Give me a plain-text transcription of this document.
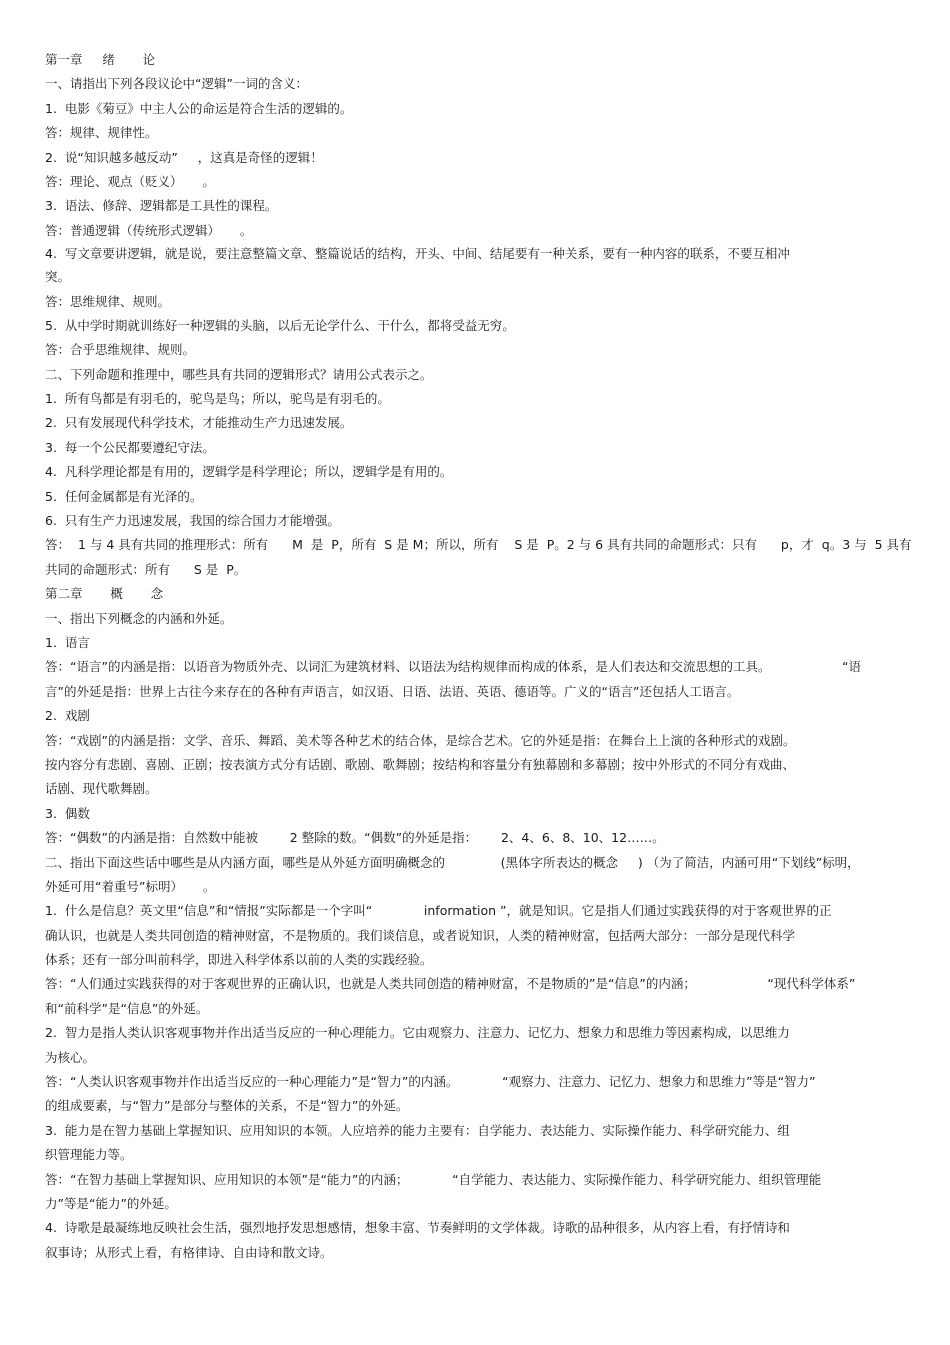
第一章     绪       论
一、请指出下列各段议论中“逻辑”一词的含义：
1.  电影《菊豆》中主人公的命运是符合生活的逻辑的。
答：规律、规律性。
2.  说“知识越多越反动”     ，这真是奇怪的逻辑！
答：理论、观点（贬义）     。
3.  语法、修辞、逻辑都是工具性的课程。
答：普通逻辑（传统形式逻辑）     。
4.  写文章要讲逻辑，就是说，要注意整篇文章、整篇说话的结构，开头、中间、结尾要有一种关系，要有一种内容的联系，不要互相冲
突。
答：思维规律、规则。
5.  从中学时期就训练好一种逻辑的头脑，以后无论学什么、干什么，都将受益无穷。
答：合乎思维规律、规则。
二、下列命题和推理中，哪些具有共同的逻辑形式？请用公式表示之。
1.  所有鸟都是有羽毛的，驼鸟是鸟；所以，驼鸟是有羽毛的。
2.  只有发展现代科学技术，才能推动生产力迅速发展。
3.  每一个公民都要遵纪守法。
4.  凡科学理论都是有用的，逻辑学是科学理论；所以，逻辑学是有用的。
5.  任何金属都是有光泽的。
6.  只有生产力迅速发展，我国的综合国力才能增强。
答：  1 与 4 具有共同的推理形式：所有      M  是  P，所有  S 是 M；所以，所有    S 是  P。2 与 6 具有共同的命题形式：只有      p，才  q。3 与  5 具有
共同的命题形式：所有      S 是  P。
第二章       概       念
一、指出下列概念的内涵和外延。
1.  语言
答：“语言”的内涵是指：以语音为物质外壳、以词汇为建筑材料、以语法为结构规律而构成的体系，是人们表达和交流思想的工具。                  “语
言”的外延是指：世界上古往今来存在的各种有声语言，如汉语、日语、法语、英语、德语等。广义的“语言”还包括人工语言。
2.  戏剧
答：“戏剧”的内涵是指：文学、音乐、舞蹈、美术等各种艺术的结合体，是综合艺术。它的外延是指：在舞台上上演的各种形式的戏剧。
按内容分有悲剧、喜剧、正剧；按表演方式分有话剧、歌剧、歌舞剧；按结构和容量分有独幕剧和多幕剧；按中外形式的不同分有戏曲、
话剧、现代歌舞剧。
3.  偶数
答：“偶数”的内涵是指：自然数中能被        2 整除的数。“偶数”的外延是指：      2、4、6、8、10、12……。
二、指出下面这些话中哪些是从内涵方面，哪些是从外延方面明确概念的              (黑体字所表达的概念     ) （为了简洁，内涵可用“下划线”标明，
外延可用“着重号”标明）     。
1.  什么是信息？英文里“信息”和“情报”实际都是一个字叫“             information ”，就是知识。它是指人们通过实践获得的对于客观世界的正
确认识，也就是人类共同创造的精神财富，不是物质的。我们谈信息，或者说知识，人类的精神财富，包括两大部分：一部分是现代科学
体系；还有一部分叫前科学，即进入科学体系以前的人类的实践经验。
答：“人们通过实践获得的对于客观世界的正确认识，也就是人类共同创造的精神财富，不是物质的”是“信息”的内涵；                  “现代科学体系”
和“前科学”是“信息”的外延。
2.  智力是指人类认识客观事物并作出适当反应的一种心理能力。它由观察力、注意力、记忆力、想象力和思维力等因素构成，以思维力
为核心。
答：“人类认识客观事物并作出适当反应的一种心理能力”是“智力”的内涵。           “观察力、注意力、记忆力、想象力和思维力”等是“智力”
的组成要素，与“智力”是部分与整体的关系，不是“智力”的外延。
3.  能力是在智力基础上掌握知识、应用知识的本领。人应培养的能力主要有：自学能力、表达能力、实际操作能力、科学研究能力、组
织管理能力等。
答：“在智力基础上掌握知识、应用知识的本领”是“能力”的内涵；           “自学能力、表达能力、实际操作能力、科学研究能力、组织管理能
力”等是“能力”的外延。
4.  诗歌是最凝练地反映社会生活，强烈地抒发思想感情，想象丰富、节奏鲜明的文学体裁。诗歌的品种很多，从内容上看，有抒情诗和
叙事诗；从形式上看，有格律诗、自由诗和散文诗。
